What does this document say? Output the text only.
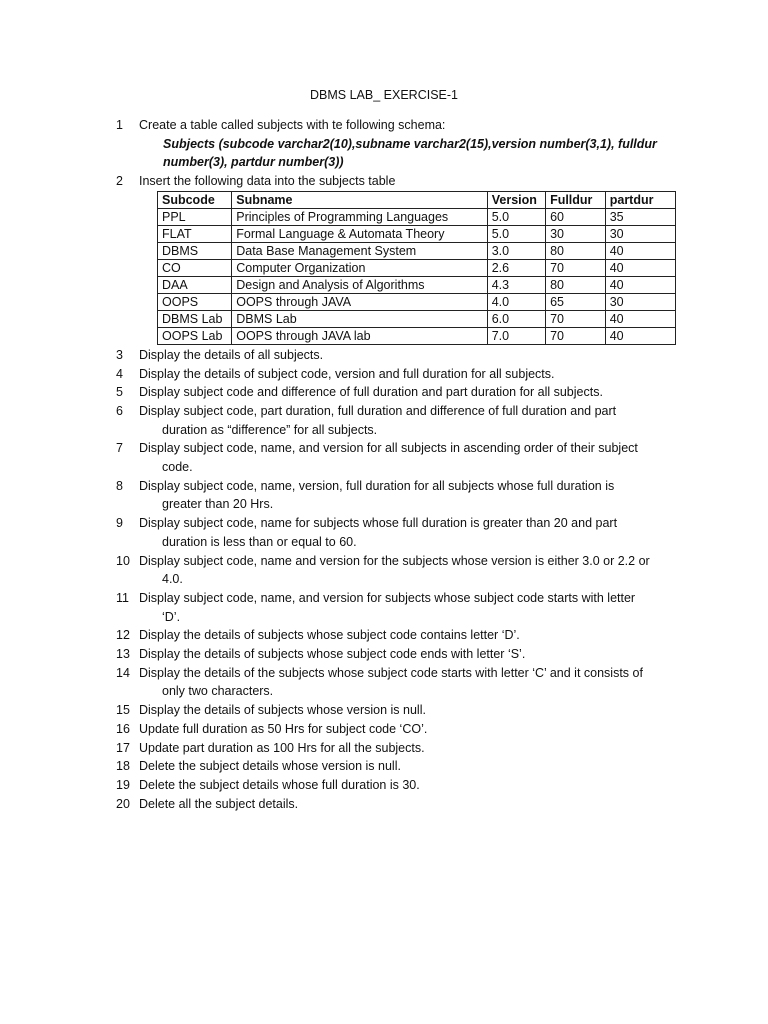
DBMS LAB_ EXERCISE-1
1	Create a table called subjects with te following schema:
Subjects (subcode varchar2(10),subname varchar2(15),version number(3,1), fulldur
number(3), partdur number(3))
2	Insert the following data into the subjects table
Subcode	Subname	Version	Fulldur	partdur
PPL	Principles of Programming Languages	5.0	60	35
FLAT	Formal Language & Automata Theory	5.0	30	30
DBMS	Data Base Management System	3.0	80	40
CO	Computer Organization	2.6	70	40
DAA	Design and Analysis of Algorithms	4.3	80	40
OOPS	OOPS through JAVA	4.0	65	30
DBMS Lab	DBMS Lab	6.0	70	40
OOPS Lab	OOPS through JAVA lab	7.0	70	40
3	Display the details of all subjects.
4	Display the details of subject code, version and full duration for all subjects.
5	Display subject code and difference of full duration and part duration for all subjects.
6	Display subject code, part duration, full duration and difference of full duration and part
duration as “difference” for all subjects.
7	Display subject code, name, and version for all subjects in ascending order of their subject
code.
8	Display subject code, name, version, full duration for all subjects whose full duration is
greater than 20 Hrs.
9	Display subject code, name for subjects whose full duration is greater than 20 and part
duration is less than or equal to 60.
10 Display subject code, name and version for the subjects whose version is either 3.0 or 2.2 or
4.0.
11 Display subject code, name, and version for subjects whose subject code starts with letter
‘D’.
12 Display the details of subjects whose subject code contains letter ‘D’.
13 Display the details of subjects whose subject code ends with letter ‘S’.
14 Display the details of the subjects whose subject code starts with letter ‘C’ and it consists of
only two characters.
15 Display the details of subjects whose version is null.
16 Update full duration as 50 Hrs for subject code ‘CO’.
17 Update part duration as 100 Hrs for all the subjects.
18 Delete the subject details whose version is null.
19 Delete the subject details whose full duration is 30.
20 Delete all the subject details.
